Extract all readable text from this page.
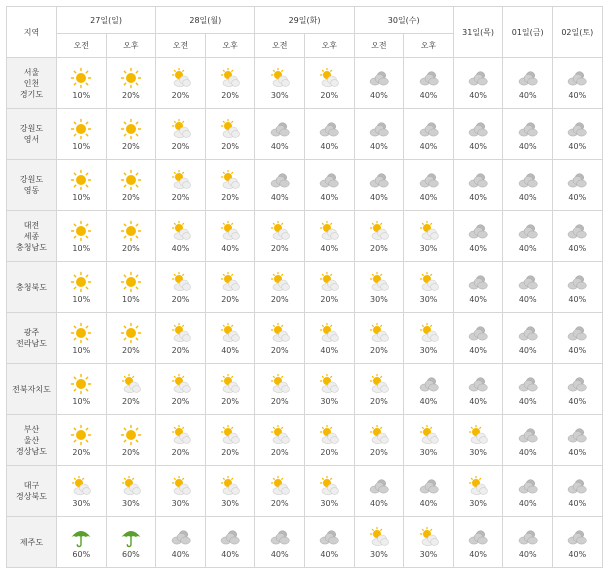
지역	27일(일)		28일(월)		29일(화)		30일(수)		31일(목)	01일(금)	02일(토)
	오전	오후	오전	오후	오전	오후	오전	오후			

서울
인천
경기도	10%	20%	20%	20%	30%	20%	40%	40%	40%	40%	40%

강원도
영서	10%	20%	20%	20%	40%	40%	40%	40%	40%	40%	40%

강원도
영동	10%	20%	20%	20%	40%	40%	40%	40%	40%	40%	40%

대전
세종
충청남도	10%	20%	40%	40%	20%	40%	20%	30%	40%	40%	40%

충청북도	10%	10%	20%	20%	20%	20%	30%	30%	40%	40%	40%

광주
전라남도	10%	20%	20%	40%	20%	40%	20%	30%	40%	40%	40%

전북자치도	10%	20%	20%	20%	20%	30%	20%	40%	40%	40%	40%

부산
울산
경상남도	20%	20%	20%	20%	20%	20%	20%	30%	30%	40%	40%

대구
경상북도	30%	30%	30%	30%	20%	30%	40%	40%	30%	40%	40%

제주도	60%	60%	40%	40%	40%	40%	30%	30%	40%	40%	40%
